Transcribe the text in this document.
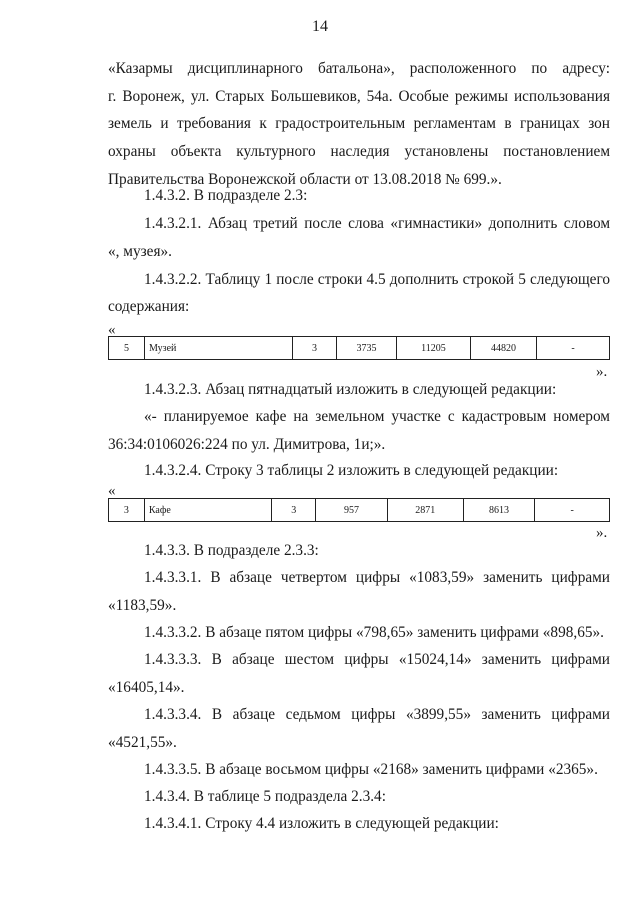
14
«Казармы дисциплинарного батальона», расположенного по адресу:
г. Воронеж, ул. Старых Большевиков, 54а. Особые режимы использования
земель и требования к градостроительным регламентам в границах зон
охраны объекта культурного наследия установлены постановлением
Правительства Воронежской области от 13.08.2018 № 699.».
1.4.3.2. В подразделе 2.3:
1.4.3.2.1. Абзац третий после слова «гимнастики» дополнить словом
«, музея».
1.4.3.2.2. Таблицу 1 после строки 4.5 дополнить строкой 5 следующего
содержания:
«
5	Музей	3	3735	11205	44820	-
».
1.4.3.2.3. Абзац пятнадцатый изложить в следующей редакции:
«- планируемое кафе на земельном участке с кадастровым номером
36:34:0106026:224 по ул. Димитрова, 1и;».
1.4.3.2.4. Строку 3 таблицы 2 изложить в следующей редакции:
«
3	Кафе	3	957	2871	8613	-
».
1.4.3.3. В подразделе 2.3.3:
1.4.3.3.1. В абзаце четвертом цифры «1083,59» заменить цифрами
«1183,59».
1.4.3.3.2. В абзаце пятом цифры «798,65» заменить цифрами «898,65».
1.4.3.3.3. В абзаце шестом цифры «15024,14» заменить цифрами
«16405,14».
1.4.3.3.4. В абзаце седьмом цифры «3899,55» заменить цифрами
«4521,55».
1.4.3.3.5. В абзаце восьмом цифры «2168» заменить цифрами «2365».
1.4.3.4. В таблице 5 подраздела 2.3.4:
1.4.3.4.1. Строку 4.4 изложить в следующей редакции:
